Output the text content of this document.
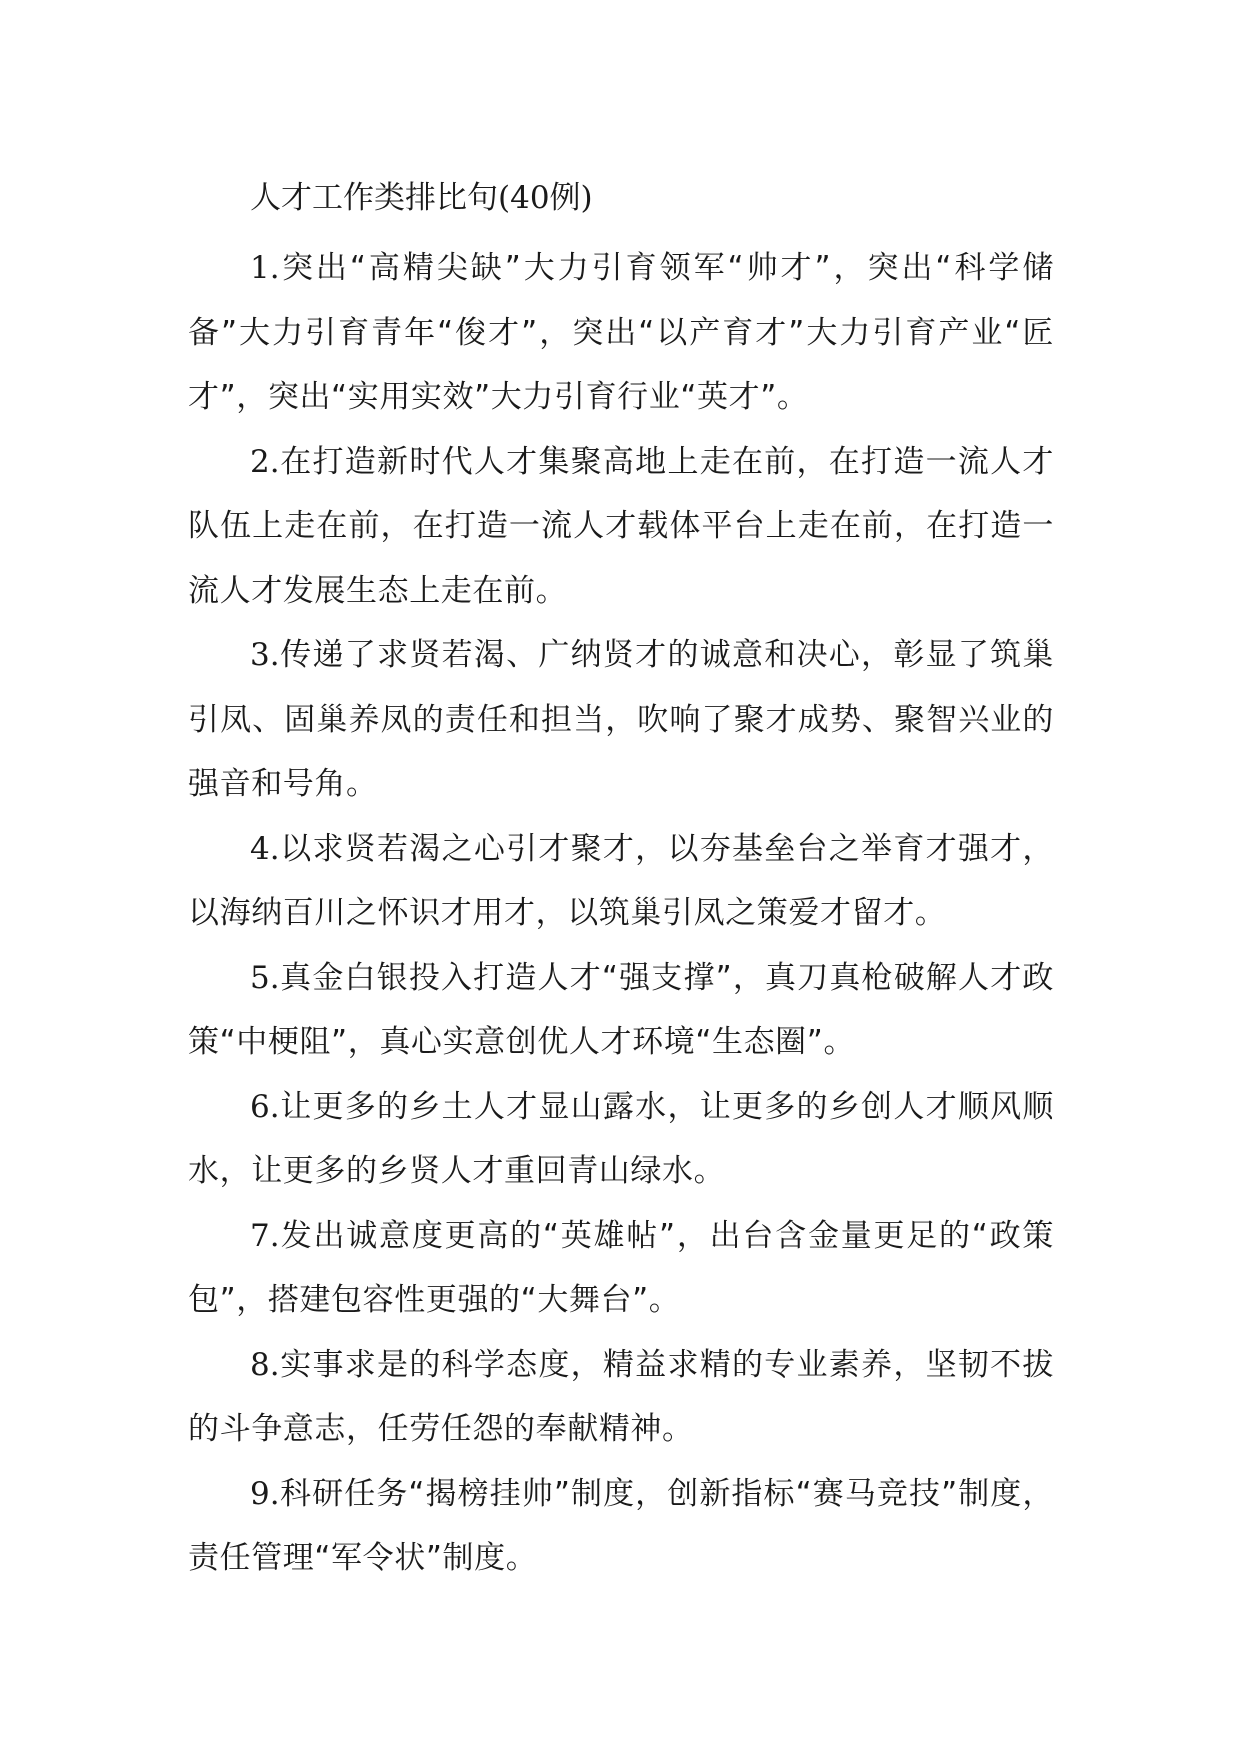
人才工作类排比句(40例)

1.突出“高精尖缺”大力引育领军“帅才”，突出“科学储备”大力引育青年“俊才”，突出“以产育才”大力引育产业“匠才”，突出“实用实效”大力引育行业“英才”。

2.在打造新时代人才集聚高地上走在前，在打造一流人才队伍上走在前，在打造一流人才载体平台上走在前，在打造一流人才发展生态上走在前。

3.传递了求贤若渴、广纳贤才的诚意和决心，彰显了筑巢引凤、固巢养凤的责任和担当，吹响了聚才成势、聚智兴业的强音和号角。

4.以求贤若渴之心引才聚才，以夯基垒台之举育才强才，以海纳百川之怀识才用才，以筑巢引凤之策爱才留才。

5.真金白银投入打造人才“强支撑”，真刀真枪破解人才政策“中梗阻”，真心实意创优人才环境“生态圈”。

6.让更多的乡土人才显山露水，让更多的乡创人才顺风顺水，让更多的乡贤人才重回青山绿水。

7.发出诚意度更高的“英雄帖”，出台含金量更足的“政策包”，搭建包容性更强的“大舞台”。

8.实事求是的科学态度，精益求精的专业素养，坚韧不拔的斗争意志，任劳任怨的奉献精神。

9.科研任务“揭榜挂帅”制度，创新指标“赛马竞技”制度，责任管理“军令状”制度。
